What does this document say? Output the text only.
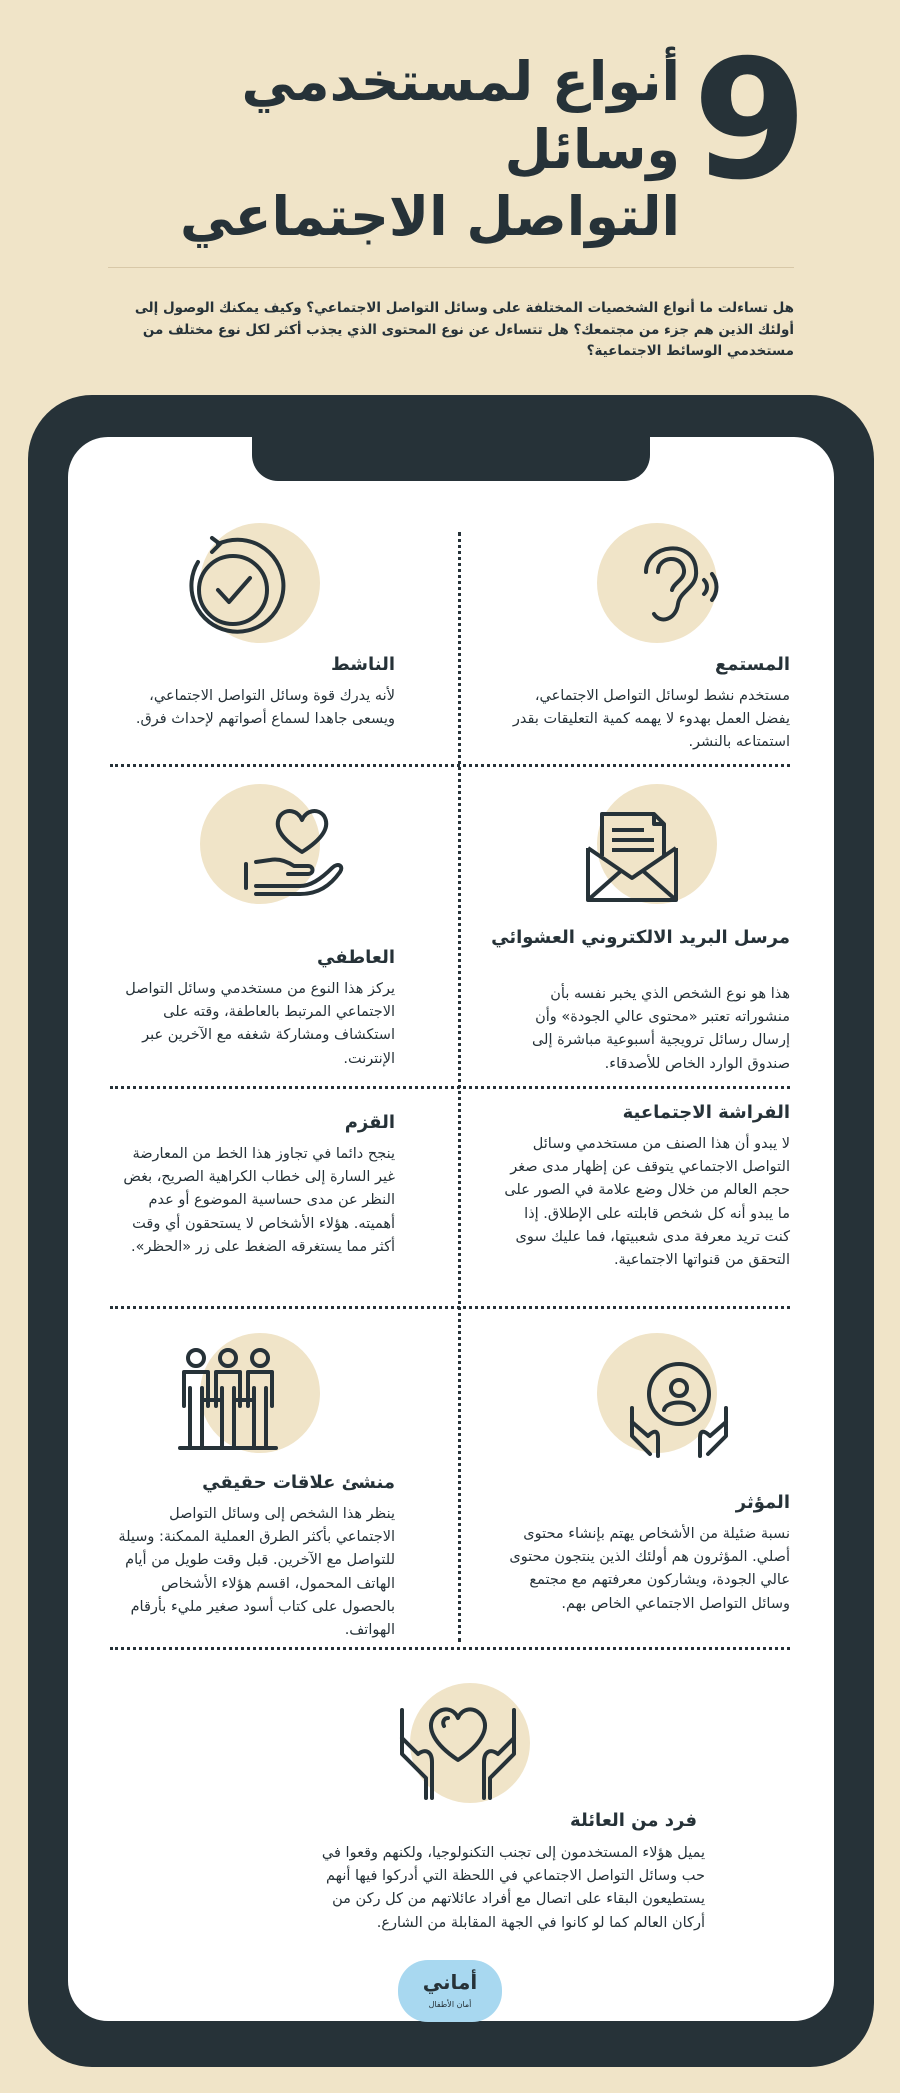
9
أنواع لمستخدمي وسائل
التواصل الاجتماعي
هل تساءلت ما أنواع الشخصيات المختلفة على وسائل التواصل الاجتماعي؟ وكيف يمكنك الوصول إلى أولئك الذين هم جزء من مجتمعك؟ هل تتساءل عن نوع المحتوى الذي يجذب أكثر لكل نوع مختلف من مستخدمي الوسائط الاجتماعية؟
المستمع
مستخدم نشط لوسائل التواصل الاجتماعي، يفضل العمل بهدوء لا يهمه كمية التعليقات بقدر استمتاعه بالنشر.
الناشط
لأنه يدرك قوة وسائل التواصل الاجتماعي، ويسعى جاهدا لسماع أصواتهم لإحداث فرق.
مرسل البريد الالكتروني العشوائي
هذا هو نوع الشخص الذي يخبر نفسه بأن منشوراته تعتبر «محتوى عالي الجودة» وأن إرسال رسائل ترويجية أسبوعية مباشرة إلى صندوق الوارد الخاص للأصدقاء.
العاطفي
يركز هذا النوع من مستخدمي وسائل التواصل الاجتماعي المرتبط بالعاطفة، وقته على استكشاف ومشاركة شغفه مع الآخرين عبر الإنترنت.
الفراشة الاجتماعية
لا يبدو أن هذا الصنف من مستخدمي وسائل التواصل الاجتماعي يتوقف عن إظهار مدى صغر حجم العالم من خلال وضع علامة في الصور على ما يبدو أنه كل شخص قابلته على الإطلاق. إذا كنت تريد معرفة مدى شعبيتها، فما عليك سوى التحقق من قنواتها الاجتماعية.
القزم
ينجح دائما في تجاوز هذا الخط من المعارضة غير السارة إلى خطاب الكراهية الصريح، بغض النظر عن مدى حساسية الموضوع أو عدم أهميته. هؤلاء الأشخاص لا يستحقون أي وقت أكثر مما يستغرقه الضغط على زر «الحظر».
المؤثر
نسبة ضئيلة من الأشخاص يهتم بإنشاء محتوى أصلي. المؤثرون هم أولئك الذين ينتجون محتوى عالي الجودة، ويشاركون معرفتهم مع مجتمع وسائل التواصل الاجتماعي الخاص بهم.
منشئ علاقات حقيقي
ينظر هذا الشخص إلى وسائل التواصل الاجتماعي بأكثر الطرق العملية الممكنة: وسيلة للتواصل مع الآخرين. قبل وقت طويل من أيام الهاتف المحمول، اقسم هؤلاء الأشخاص بالحصول على كتاب أسود صغير مليء بأرقام الهواتف.
فرد من العائلة
يميل هؤلاء المستخدمون إلى تجنب التكنولوجيا، ولكنهم وقعوا في حب وسائل التواصل الاجتماعي في اللحظة التي أدركوا فيها أنهم يستطيعون البقاء على اتصال مع أفراد عائلاتهم من كل ركن من أركان العالم كما لو كانوا في الجهة المقابلة من الشارع.
أماني
أمان الأطفال
